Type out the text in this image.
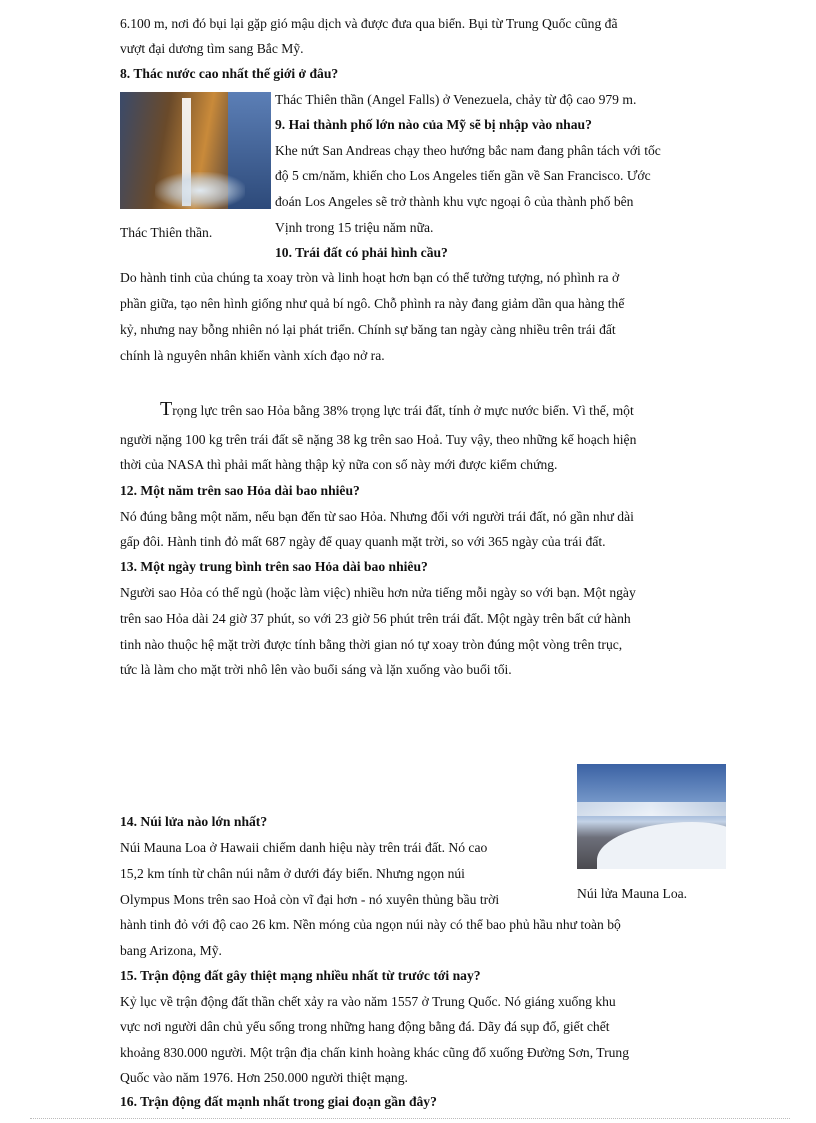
6.100 m, nơi đó bụi lại gặp gió mậu dịch và được đưa qua biển. Bụi từ Trung Quốc cũng đã
vượt đại dương tìm sang Bắc Mỹ.
8. Thác nước cao nhất thế giới ở đâu?
Thác Thiên thần (Angel Falls) ở Venezuela, chảy từ độ cao 979 m.
9. Hai thành phố lớn nào của Mỹ sẽ bị nhập vào nhau?
Khe nứt San Andreas chạy theo hướng bắc nam đang phân tách với tốc
độ 5 cm/năm, khiến cho Los Angeles tiến gần về San Francisco. Ước
đoán Los Angeles sẽ trở thành khu vực ngoại ô của thành phố bên
Vịnh trong 15 triệu năm nữa.
Thác Thiên thần.
10. Trái đất có phải hình cầu?
Do hành tinh của chúng ta xoay tròn và linh hoạt hơn bạn có thể tưởng tượng, nó phình ra ở
phần giữa, tạo nên hình giống như quả bí ngô. Chỗ phình ra này đang giảm dần qua hàng thế
kỷ, nhưng nay bỗng nhiên nó lại phát triển. Chính sự băng tan ngày càng nhiều trên trái đất
chính là nguyên nhân khiến vành xích đạo nở ra.
Trọng lực trên sao Hỏa bằng 38% trọng lực trái đất, tính ở mực nước biển. Vì thế, một
người nặng 100 kg trên trái đất sẽ nặng 38 kg trên sao Hoả. Tuy vậy, theo những kế hoạch hiện
thời của NASA thì phải mất hàng thập kỷ nữa con số này mới được kiểm chứng.
12. Một năm trên sao Hỏa dài bao nhiêu?
Nó đúng bằng một năm, nếu bạn đến từ sao Hỏa. Nhưng đối với người trái đất, nó gần như dài
gấp đôi. Hành tinh đỏ mất 687 ngày để quay quanh mặt trời, so với 365 ngày của trái đất.
13. Một ngày trung bình trên sao Hỏa dài bao nhiêu?
Người sao Hỏa có thể ngủ (hoặc làm việc) nhiều hơn nửa tiếng mỗi ngày so với bạn. Một ngày
trên sao Hỏa dài 24 giờ 37 phút, so với 23 giờ 56 phút trên trái đất. Một ngày trên bất cứ hành
tinh nào thuộc hệ mặt trời được tính bằng thời gian nó tự xoay tròn đúng một vòng trên trục,
tức là làm cho mặt trời nhô lên vào buổi sáng và lặn xuống vào buổi tối.
14. Núi lửa nào lớn nhất?
Núi Mauna Loa ở Hawaii chiếm danh hiệu này trên trái đất. Nó cao
15,2 km tính từ chân núi nằm ở dưới đáy biển. Nhưng ngọn núi
Olympus Mons trên sao Hoả còn vĩ đại hơn - nó xuyên thủng bầu trời	Núi lửa Mauna Loa.
hành tinh đỏ với độ cao 26 km. Nền móng của ngọn núi này có thể bao phủ hầu như toàn bộ
bang Arizona, Mỹ.
15. Trận động đất gây thiệt mạng nhiều nhất từ trước tới nay?
Kỷ lục về trận động đất thần chết xảy ra vào năm 1557 ở Trung Quốc. Nó giáng xuống khu
vực nơi người dân chủ yếu sống trong những hang động bằng đá. Dãy đá sụp đổ, giết chết
khoảng 830.000 người. Một trận địa chấn kinh hoàng khác cũng đổ xuống Đường Sơn, Trung
Quốc vào năm 1976. Hơn 250.000 người thiệt mạng.
16. Trận động đất mạnh nhất trong giai đoạn gần đây?
